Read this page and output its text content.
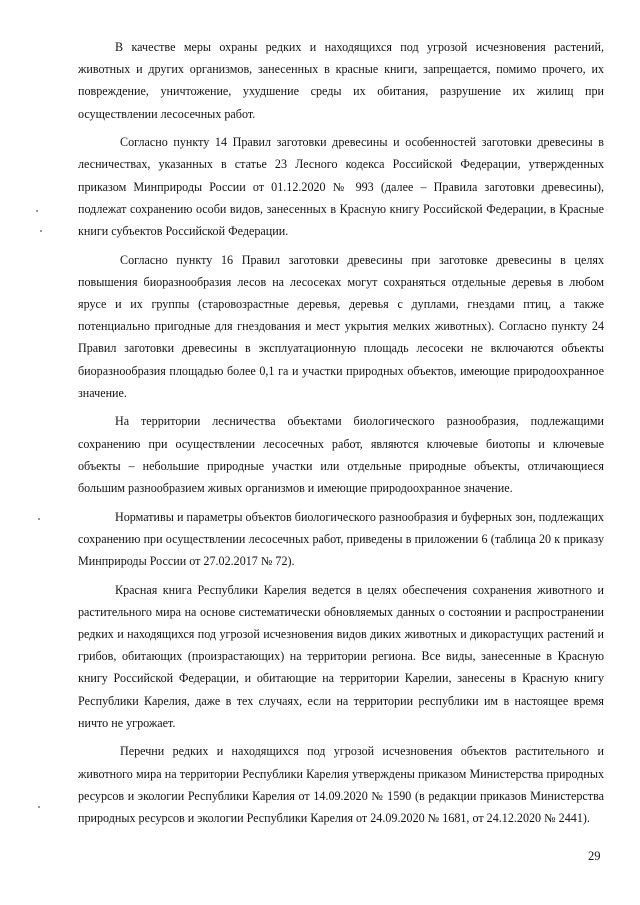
В качестве меры охраны редких и находящихся под угрозой исчезновения растений, животных и других организмов, занесенных в красные книги, запрещается, помимо прочего, их повреждение, уничтожение, ухудшение среды их обитания, разрушение их жилищ при осуществлении лесосечных работ.

Согласно пункту 14 Правил заготовки древесины и особенностей заготовки древесины в лесничествах, указанных в статье 23 Лесного кодекса Российской Федерации, утвержденных приказом Минприроды России от 01.12.2020 № 993 (далее – Правила заготовки древесины), подлежат сохранению особи видов, занесенных в Красную книгу Российской Федерации, в Красные книги субъектов Российской Федерации.

Согласно пункту 16 Правил заготовки древесины при заготовке древесины в целях повышения биоразнообразия лесов на лесосеках могут сохраняться отдельные деревья в любом ярусе и их группы (старовозрастные деревья, деревья с дуплами, гнездами птиц, а также потенциально пригодные для гнездования и мест укрытия мелких животных). Согласно пункту 24 Правил заготовки древесины в эксплуатационную площадь лесосеки не включаются объекты биоразнообразия площадью более 0,1 га и участки природных объектов, имеющие природоохранное значение.

На территории лесничества объектами биологического разнообразия, подлежащими сохранению при осуществлении лесосечных работ, являются ключевые биотопы и ключевые объекты – небольшие природные участки или отдельные природные объекты, отличающиеся большим разнообразием живых организмов и имеющие природоохранное значение.

Нормативы и параметры объектов биологического разнообразия и буферных зон, подлежащих сохранению при осуществлении лесосечных работ, приведены в приложении 6 (таблица 20 к приказу Минприроды России от 27.02.2017 № 72).

Красная книга Республики Карелия ведется в целях обеспечения сохранения животного и растительного мира на основе систематически обновляемых данных о состоянии и распространении редких и находящихся под угрозой исчезновения видов диких животных и дикорастущих растений и грибов, обитающих (произрастающих) на территории региона. Все виды, занесенные в Красную книгу Российской Федерации, и обитающие на территории Карелии, занесены в Красную книгу Республики Карелия, даже в тех случаях, если на территории республики им в настоящее время ничто не угрожает.

Перечни редких и находящихся под угрозой исчезновения объектов растительного и животного мира на территории Республики Карелия утверждены приказом Министерства природных ресурсов и экологии Республики Карелия от 14.09.2020 № 1590 (в редакции приказов Министерства природных ресурсов и экологии Республики Карелия от 24.09.2020 № 1681, от 24.12.2020 № 2441).

29
